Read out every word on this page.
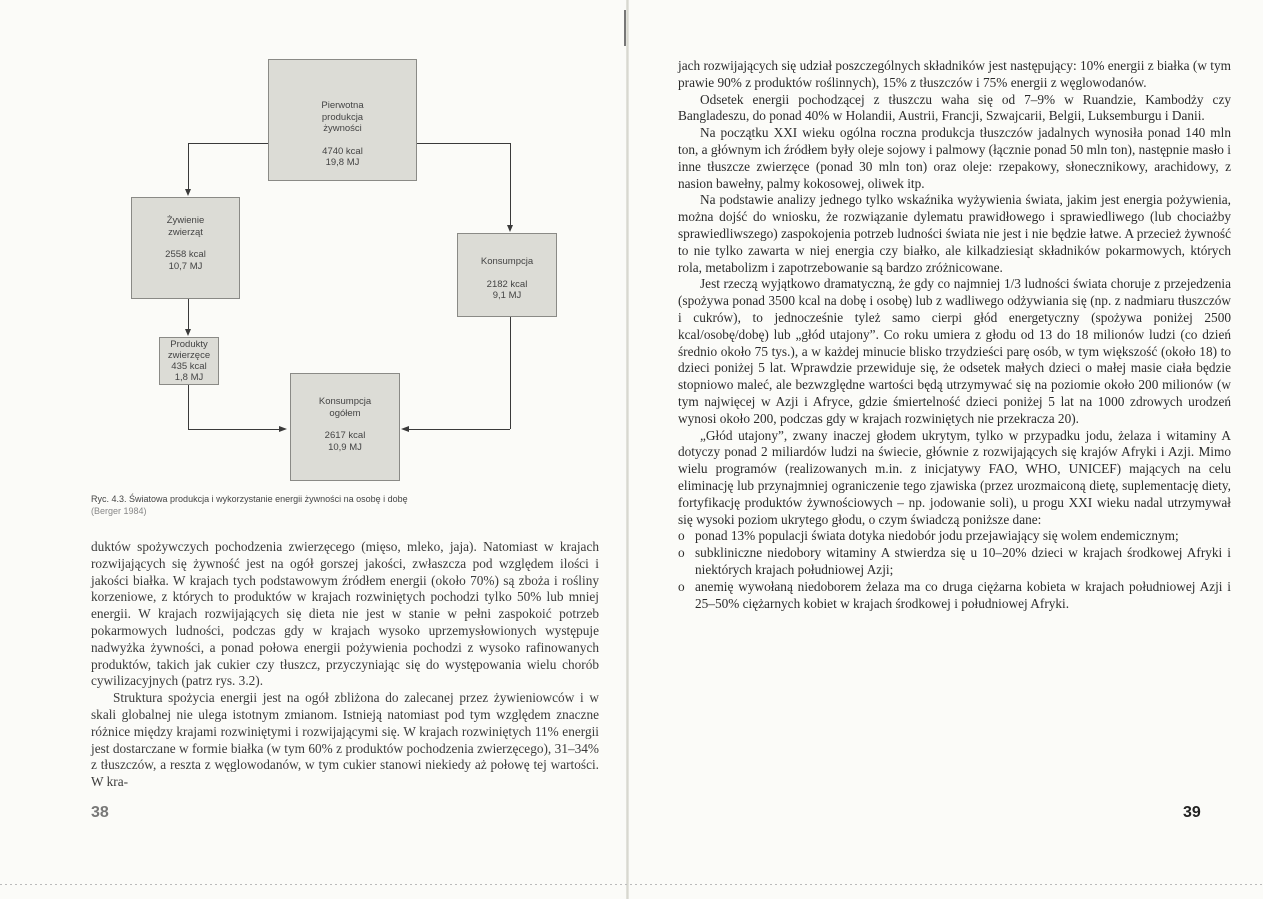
Pierwotna
produkcja
żywności
4740 kcal
19,8 MJ
Żywienie
zwierząt
2558 kcal
10,7 MJ	Konsumpcja
2182 kcal
9,1 MJ
Produkty
zwierzęce
435 kcal
1,8 MJ
Konsumpcja
ogółem
2617 kcal
10,9 MJ
Ryc. 4.3. Światowa produkcja i wykorzystanie energii żywności na osobę i dobę
(Berger 1984)

duktów spożywczych pochodzenia zwierzęcego (mięso, mleko, jaja). Natomiast w krajach rozwijających się żywność jest na ogół gorszej jakości, zwłaszcza pod względem ilości i jakości białka. W krajach tych podstawowym źródłem energii (około 70%) są zboża i rośliny korzeniowe, z których to produktów w krajach rozwiniętych pochodzi tylko 50% lub mniej energii. W krajach rozwijających się dieta nie jest w stanie w pełni zaspokoić potrzeb pokarmowych ludności, podczas gdy w krajach wysoko uprzemysłowionych występuje nadwyżka żywności, a ponad połowa energii pożywienia pochodzi z wysoko rafinowanych produktów, takich jak cukier czy tłuszcz, przyczyniając się do występowania wielu chorób cywilizacyjnych (patrz rys. 3.2).

Struktura spożycia energii jest na ogół zbliżona do zalecanej przez żywieniowców i w skali globalnej nie ulega istotnym zmianom. Istnieją natomiast pod tym względem znaczne różnice między krajami rozwiniętymi i rozwijającymi się. W krajach rozwiniętych 11% energii jest dostarczane w formie białka (w tym 60% z produktów pochodzenia zwierzęcego), 31–34% z tłuszczów, a reszta z węglowodanów, w tym cukier stanowi niekiedy aż połowę tej wartości. W kra-

38

jach rozwijających się udział poszczególnych składników jest następujący: 10% energii z białka (w tym prawie 90% z produktów roślinnych), 15% z tłuszczów i 75% energii z węglowodanów.

Odsetek energii pochodzącej z tłuszczu waha się od 7–9% w Ruandzie, Kambodży czy Bangladeszu, do ponad 40% w Holandii, Austrii, Francji, Szwajcarii, Belgii, Luksemburgu i Danii.

Na początku XXI wieku ogólna roczna produkcja tłuszczów jadalnych wynosiła ponad 140 mln ton, a głównym ich źródłem były oleje sojowy i palmowy (łącznie ponad 50 mln ton), następnie masło i inne tłuszcze zwierzęce (ponad 30 mln ton) oraz oleje: rzepakowy, słonecznikowy, arachidowy, z nasion bawełny, palmy kokosowej, oliwek itp.

Na podstawie analizy jednego tylko wskaźnika wyżywienia świata, jakim jest energia pożywienia, można dojść do wniosku, że rozwiązanie dylematu prawidłowego i sprawiedliwego (lub chociażby sprawiedliwszego) zaspokojenia potrzeb ludności świata nie jest i nie będzie łatwe. A przecież żywność to nie tylko zawarta w niej energia czy białko, ale kilkadziesiąt składników pokarmowych, których rola, metabolizm i zapotrzebowanie są bardzo zróżnicowane.

Jest rzeczą wyjątkowo dramatyczną, że gdy co najmniej 1/3 ludności świata choruje z przejedzenia (spożywa ponad 3500 kcal na dobę i osobę) lub z wadliwego odżywiania się (np. z nadmiaru tłuszczów i cukrów), to jednocześnie tyleż samo cierpi głód energetyczny (spożywa poniżej 2500 kcal/osobę/dobę) lub „głód utajony”. Co roku umiera z głodu od 13 do 18 milionów ludzi (co dzień średnio około 75 tys.), a w każdej minucie blisko trzydzieści parę osób, w tym większość (około 18) to dzieci poniżej 5 lat. Wprawdzie przewiduje się, że odsetek małych dzieci o małej masie ciała będzie stopniowo maleć, ale bezwzględne wartości będą utrzymywać się na poziomie około 200 milionów (w tym najwięcej w Azji i Afryce, gdzie śmiertelność dzieci poniżej 5 lat na 1000 zdrowych urodzeń wynosi około 200, podczas gdy w krajach rozwiniętych nie przekracza 20).

„Głód utajony”, zwany inaczej głodem ukrytym, tylko w przypadku jodu, żelaza i witaminy A dotyczy ponad 2 miliardów ludzi na świecie, głównie z rozwijających się krajów Afryki i Azji. Mimo wielu programów (realizowanych m.in. z inicjatywy FAO, WHO, UNICEF) mających na celu eliminację lub przynajmniej ograniczenie tego zjawiska (przez urozmaiconą dietę, suplementację diety, fortyfikację produktów żywnościowych – np. jodowanie soli), u progu XXI wieku nadal utrzymywał się wysoki poziom ukrytego głodu, o czym świadczą poniższe dane:

o ponad 13% populacji świata dotyka niedobór jodu przejawiający się wolem endemicznym;
o subkliniczne niedobory witaminy A stwierdza się u 10–20% dzieci w krajach środkowej Afryki i niektórych krajach południowej Azji;
o anemię wywołaną niedoborem żelaza ma co druga ciężarna kobieta w krajach południowej Azji i 25–50% ciężarnych kobiet w krajach środkowej i południowej Afryki.
39
